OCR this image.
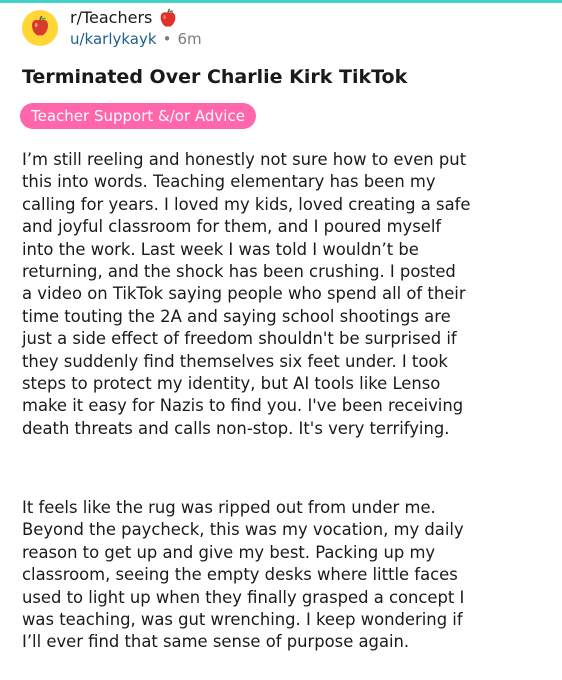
r/Teachers
u/karlykayk • 6m
Terminated Over Charlie Kirk TikTok
Teacher Support &/or Advice
I’m still reeling and honestly not sure how to even put
this into words. Teaching elementary has been my
calling for years. I loved my kids, loved creating a safe
and joyful classroom for them, and I poured myself
into the work. Last week I was told I wouldn’t be
returning, and the shock has been crushing. I posted
a video on TikTok saying people who spend all of their
time touting the 2A and saying school shootings are
just a side effect of freedom shouldn't be surprised if
they suddenly find themselves six feet under. I took
steps to protect my identity, but AI tools like Lenso
make it easy for Nazis to find you. I've been receiving
death threats and calls non-stop. It's very terrifying.
It feels like the rug was ripped out from under me.
Beyond the paycheck, this was my vocation, my daily
reason to get up and give my best. Packing up my
classroom, seeing the empty desks where little faces
used to light up when they finally grasped a concept I
was teaching, was gut wrenching. I keep wondering if
I’ll ever find that same sense of purpose again.
